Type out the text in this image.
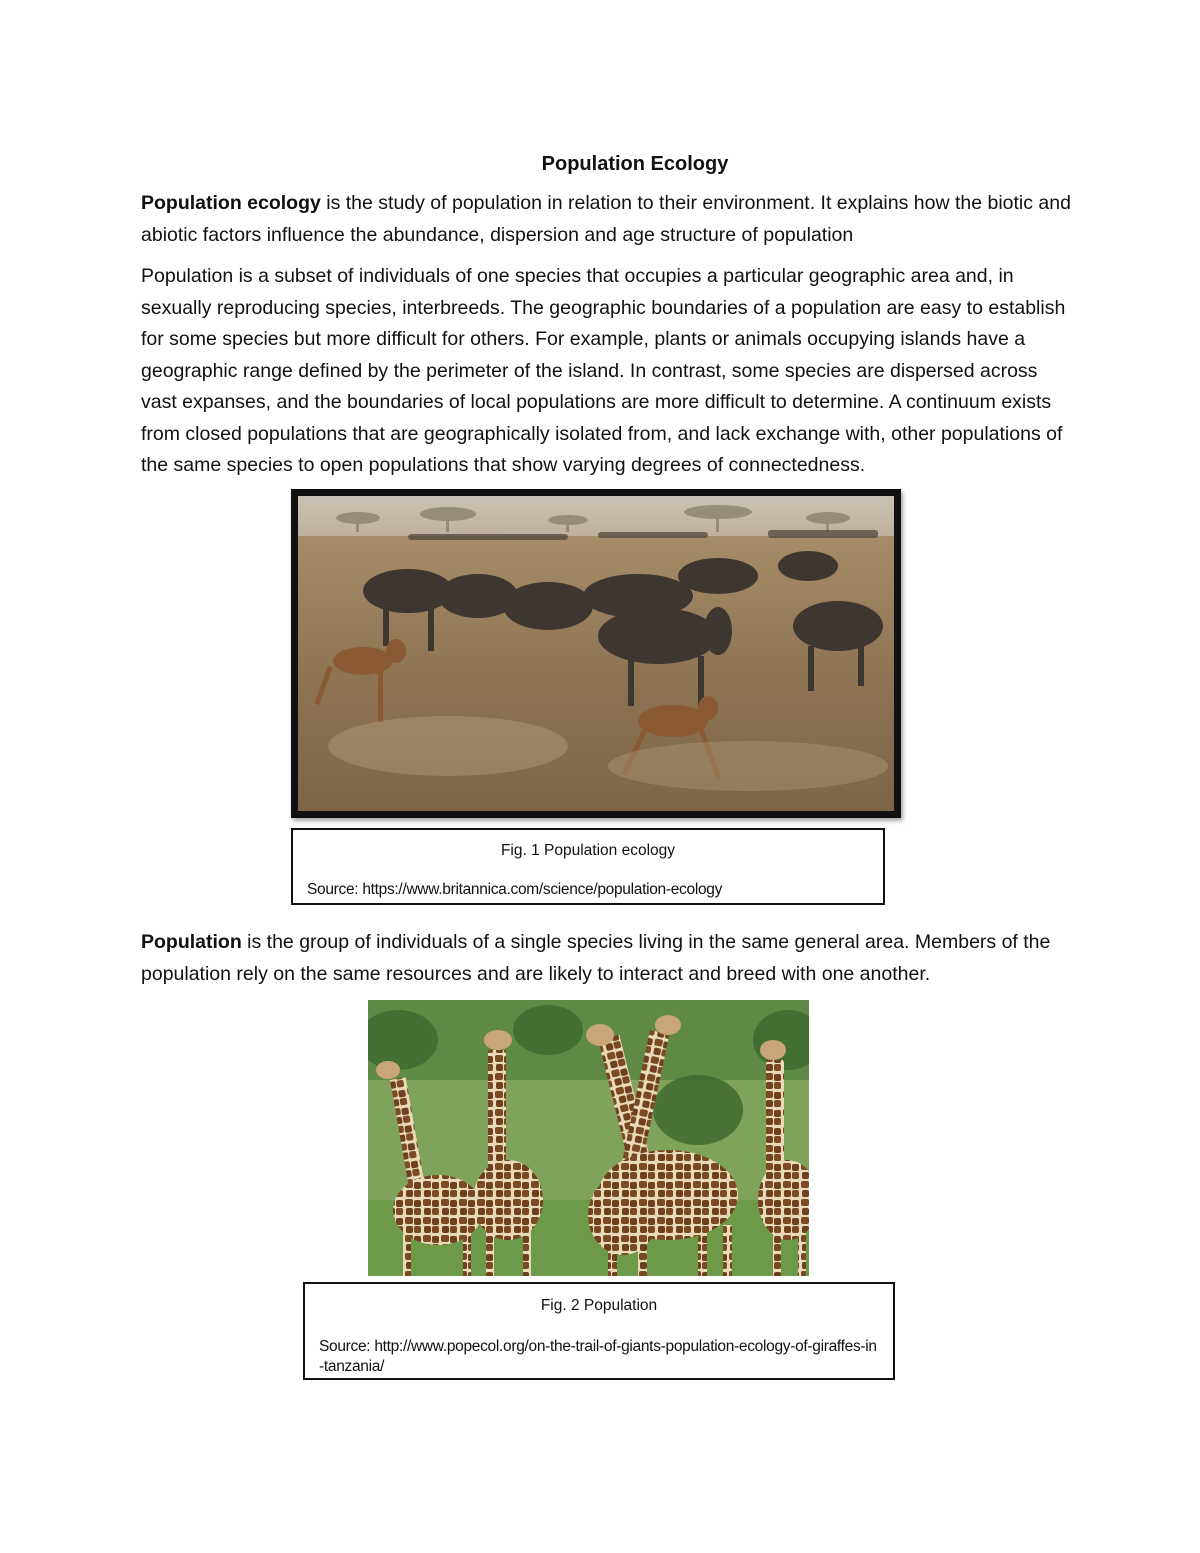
Population Ecology

Population ecology is the study of population in relation to their environment. It explains how the biotic and abiotic factors influence the abundance, dispersion and age structure of population

Population is a subset of individuals of one species that occupies a particular geographic area and, in sexually reproducing species, interbreeds. The geographic boundaries of a population are easy to establish for some species but more difficult for others. For example, plants or animals occupying islands have a geographic range defined by the perimeter of the island. In contrast, some species are dispersed across vast expanses, and the boundaries of local populations are more difficult to determine. A continuum exists from closed populations that are geographically isolated from, and lack exchange with, other populations of the same species to open populations that show varying degrees of connectedness.

Fig. 1 Population ecology
Source: https://www.britannica.com/science/population-ecology

Population is the group of individuals of a single species living in the same general area. Members of the population rely on the same resources and are likely to interact and breed with one another.

Fig. 2 Population
Source: http://www.popecol.org/on-the-trail-of-giants-population-ecology-of-giraffes-in-tanzania/
